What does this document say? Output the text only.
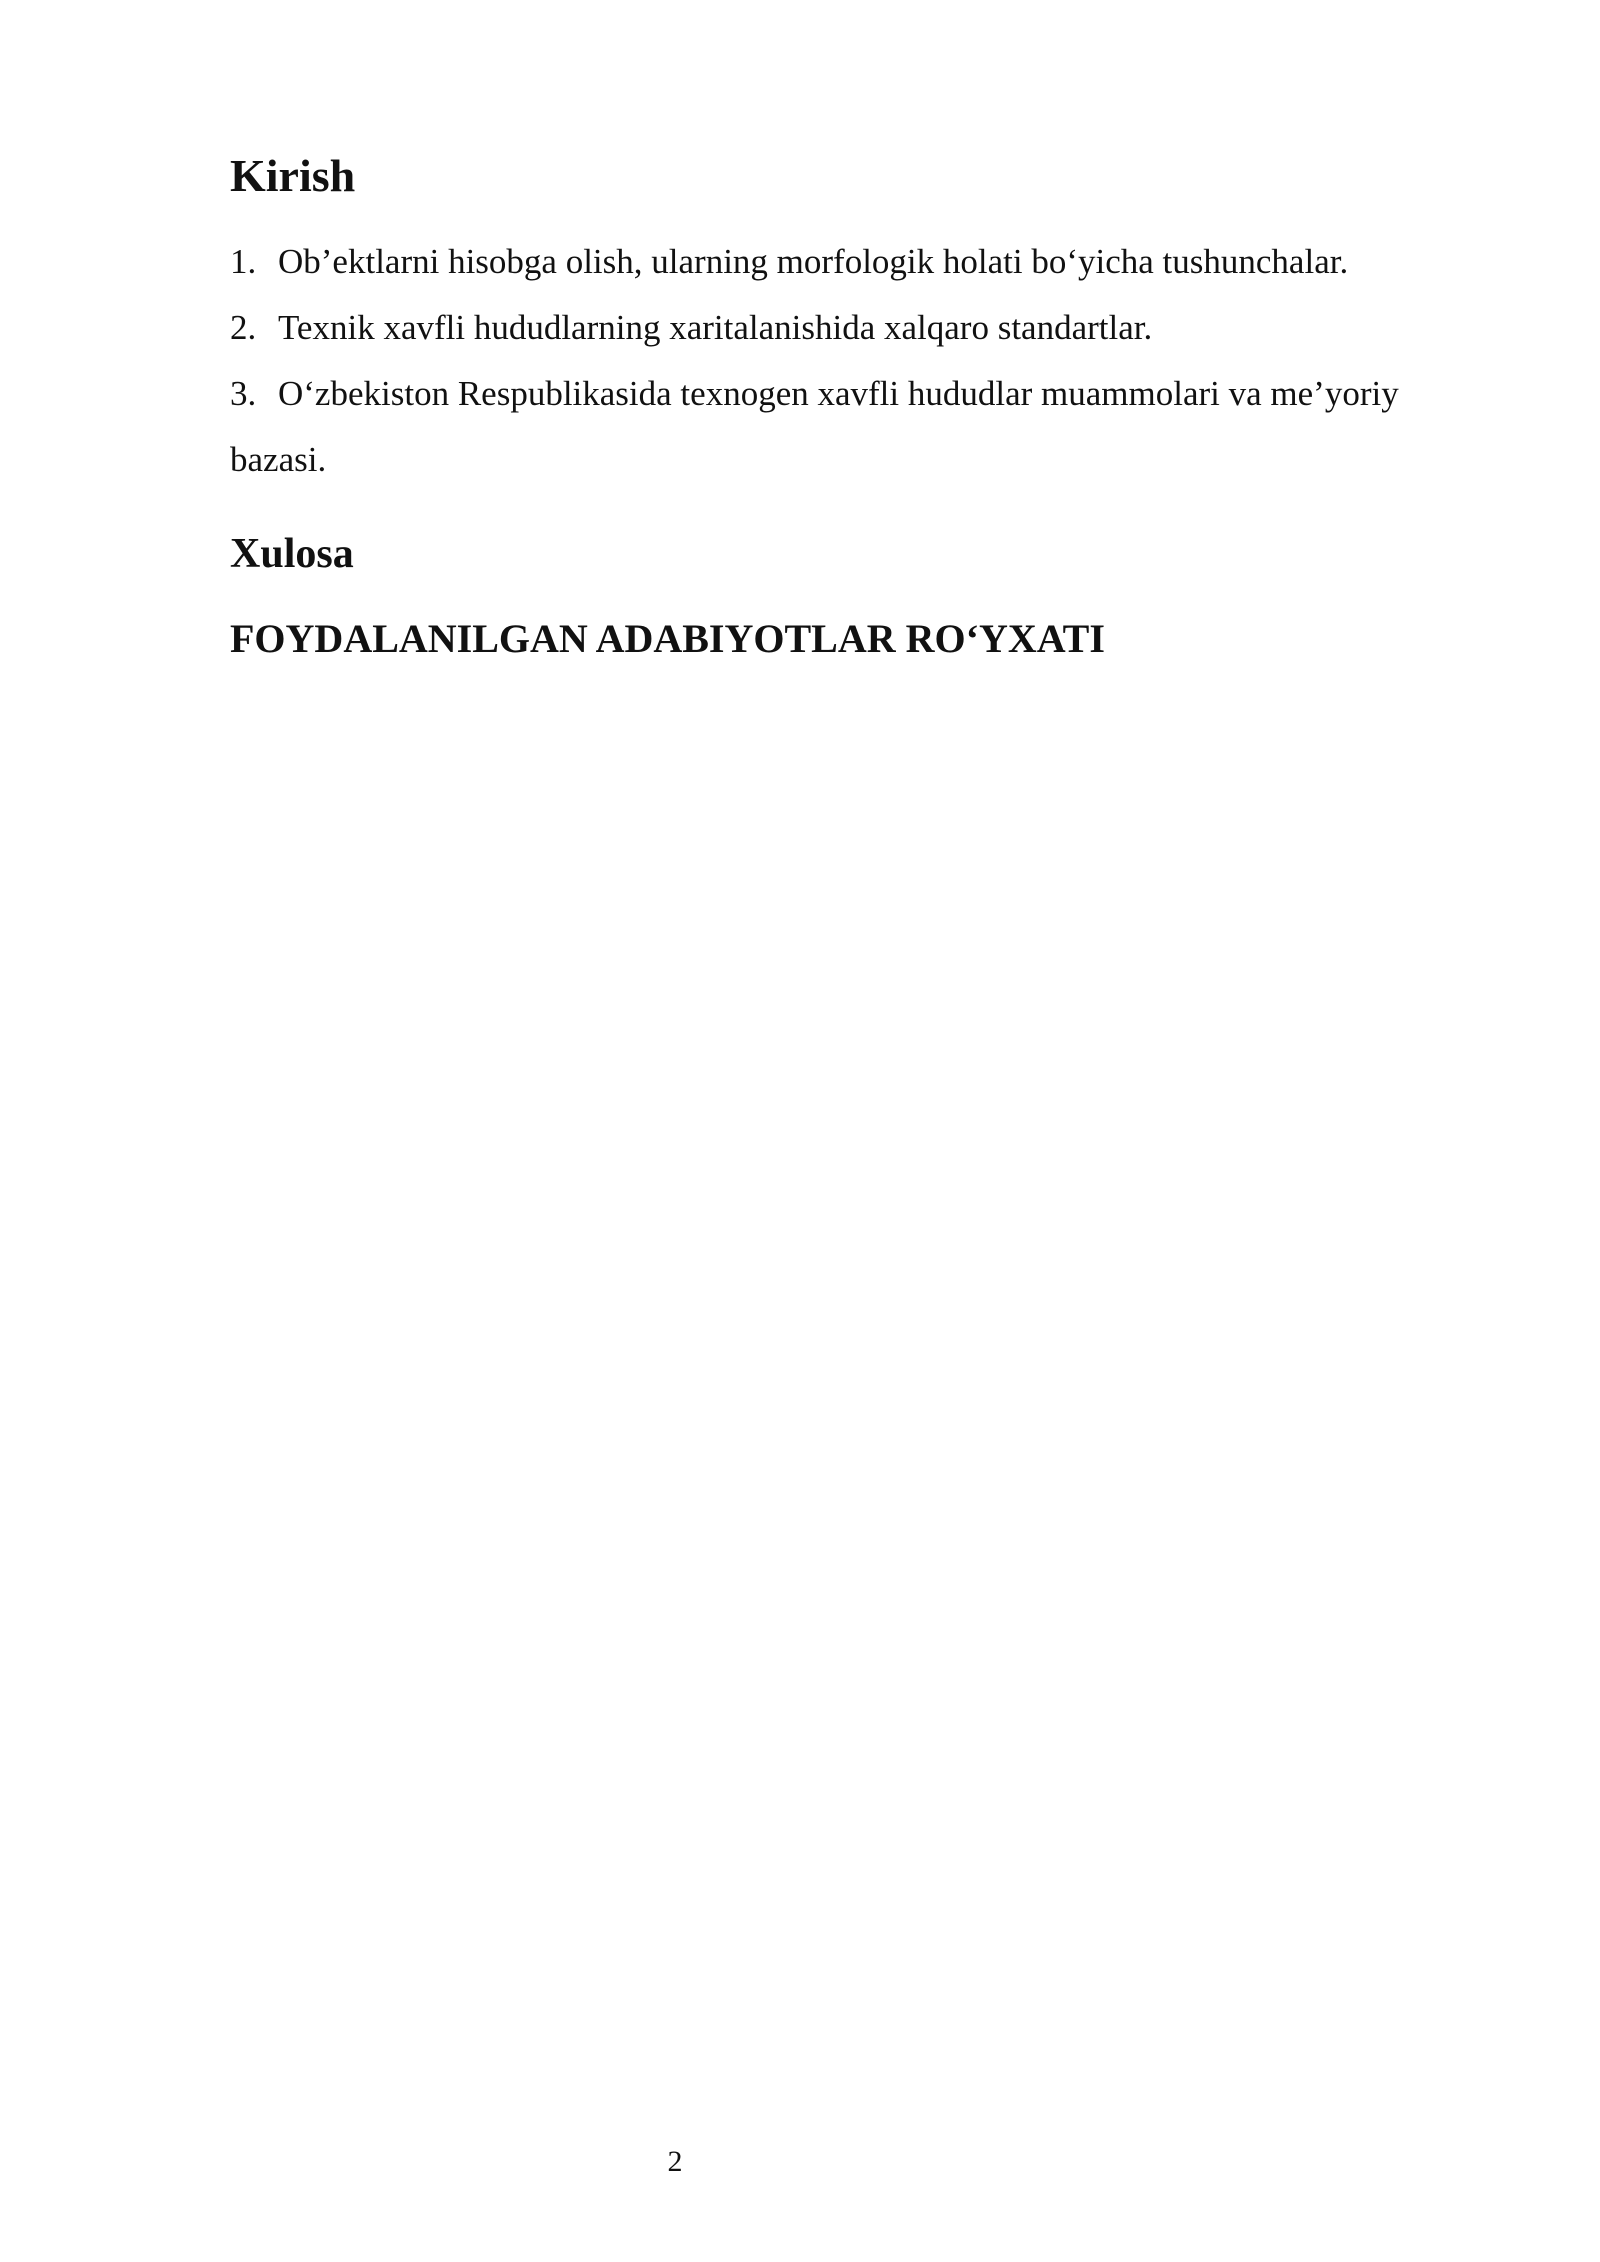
Kirish
1. Ob’ektlarni hisobga olish, ularning morfologik holati bo‘yicha tushunchalar.
2. Texnik xavfli hududlarning xaritalanishida xalqaro standartlar.
3. O‘zbekiston Respublikasida texnogen xavfli hududlar muammolari va me’yoriy bazasi.
Xulosa
FOYDALANILGAN ADABIYOTLAR RO‘YXATI
2
